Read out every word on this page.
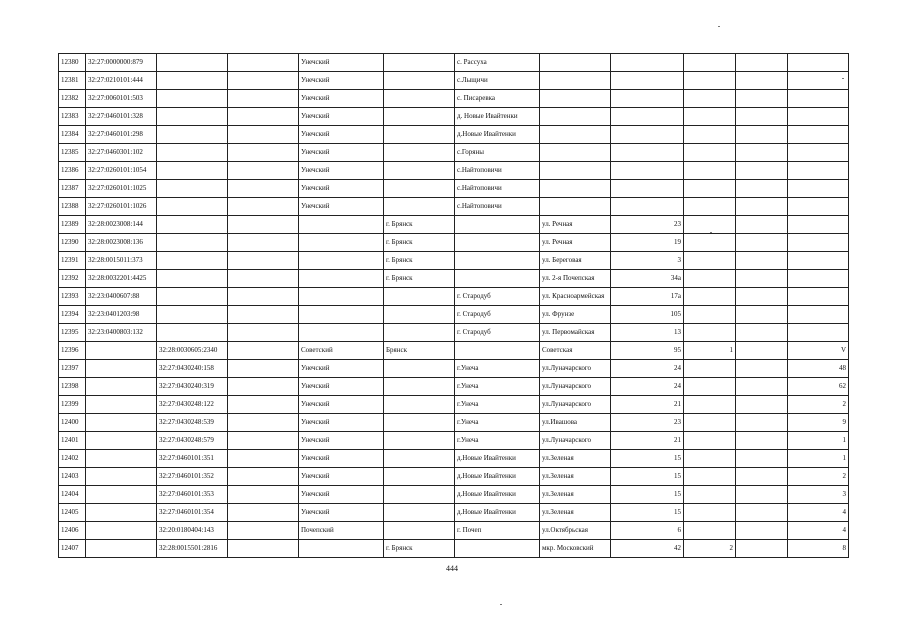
12380	32:27:0000000:879			Унечский		с. Рассуха					
12381	32:27:0210101:444			Унечский		с.Лыщичи					
12382	32:27:0060101:503			Унечский		с. Писаревка					
12383	32:27:0460101:328			Унечский		д. Новые Ивайтенки					
12384	32:27:0460101:298			Унечский		д.Новые Ивайтенки					
12385	32:27:0460301:102			Унечский		с.Горяны					
12386	32:27:0260101:1054			Унечский		с.Найтоповичи					
12387	32:27:0260101:1025			Унечский		с.Найтоповичи					
12388	32:27:0260101:1026			Унечский		с.Найтоповичи					
12389	32:28:0023008:144				г. Брянск		ул. Речная	23			
12390	32:28:0023008:136				г. Брянск		ул. Речная	19			
12391	32:28:0015011:373				г. Брянск		ул. Береговая	3			
12392	32:28:0032201:4425				г. Брянск		ул. 2-я Почепская	34а			
12393	32:23:0400607:88					г. Стародуб	ул. Красноармейская	17а			
12394	32:23:0401203:98					г. Стародуб	ул. Фрунзе	105			
12395	32:23:0400803:132					г. Стародуб	ул. Первомайская	13			
12396		32:28:0030605:2340		Советский	Брянск		Советская	95	1		V
12397		32:27:0430240:158		Унечский		г.Унеча	ул.Луначарского	24			48
12398		32:27:0430240:319		Унечский		г.Унеча	ул.Луначарского	24			62
12399		32:27:0430248:122		Унечский		г.Унеча	ул.Луначарского	21			2
12400		32:27:0430248:539		Унечский		г.Унеча	ул.Ивашова	23			9
12401		32:27:0430248:579		Унечский		г.Унеча	ул.Луначарского	21			1
12402		32:27:0460101:351		Унечский		д.Новые Ивайтенки	ул.Зеленая	15			1
12403		32:27:0460101:352		Унечский		д.Новые Ивайтенки	ул.Зеленая	15			2
12404		32:27:0460101:353		Унечский		д.Новые Ивайтенки	ул.Зеленая	15			3
12405		32:27:0460101:354		Унечский		д.Новые Ивайтенки	ул.Зеленая	15			4
12406		32:20:0180404:143		Почепский		г. Почеп	ул.Октябрьская	6			4
12407		32:28:0015501:2816			г. Брянск		мкр. Московский	42	2		8
444
